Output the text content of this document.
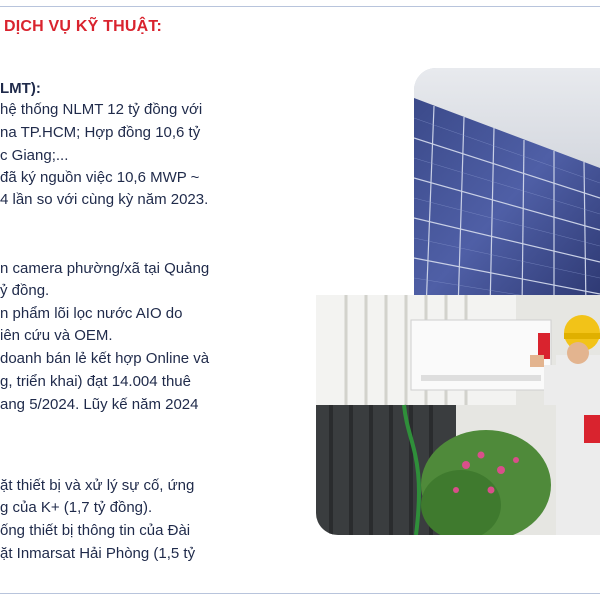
DỊCH VỤ KỸ THUẬT:
LMT):
hệ thống NLMT 12 tỷ đồng với
na TP.HCM; Hợp đồng 10,6 tỷ
c Giang;...
đã ký nguồn việc 10,6 MWP ~
4 lần so với cùng kỳ năm 2023.
n camera phường/xã tại Quảng
ỷ đồng.
n phẩm lõi lọc nước AIO do
iên cứu và OEM.
doanh bán lẻ kết hợp Online và
g, triển khai) đạt 14.004 thuê
ang 5/2024. Lũy kế năm 2024
ặt thiết bị và xử lý sự cố, ứng
g của K+ (1,7 tỷ đồng).
ống thiết bị thông tin của Đài
ặt Inmarsat Hải Phòng (1,5 tỷ
